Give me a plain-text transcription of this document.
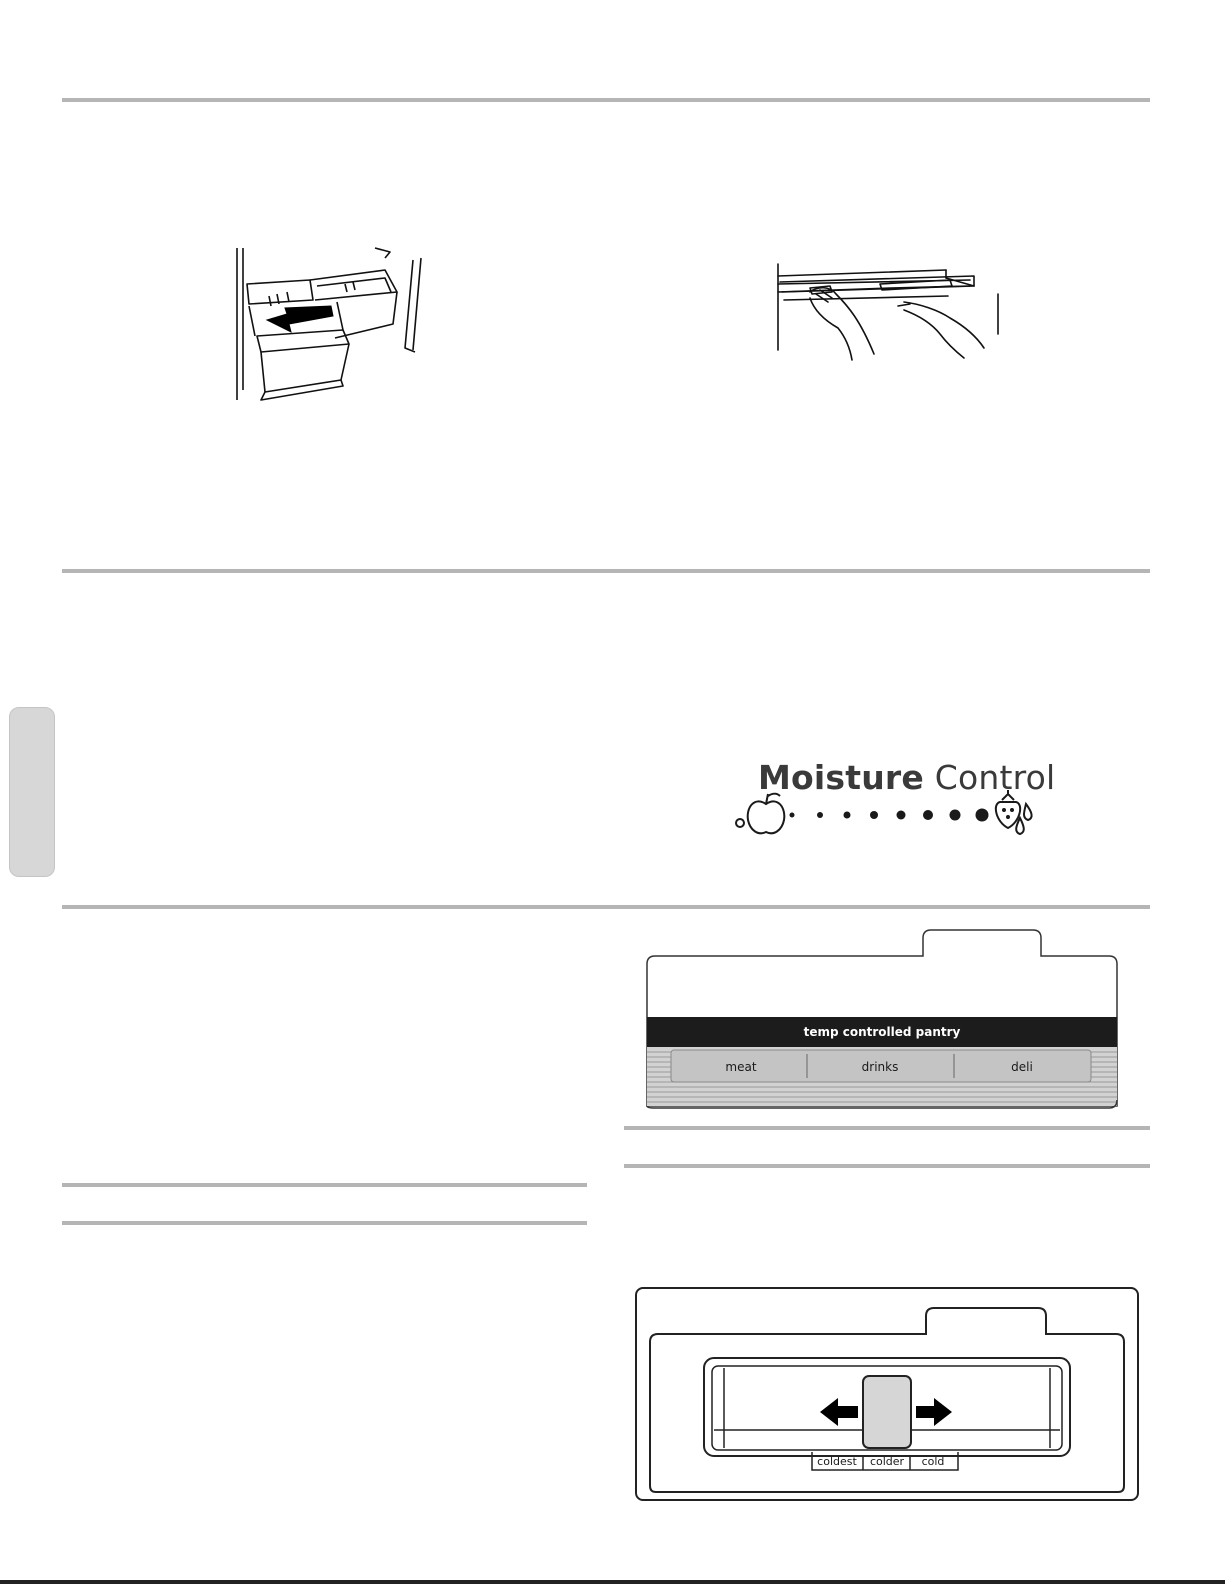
Moisture Control
temp controlled pantry
meat	drinks	deli
coldest colder cold
